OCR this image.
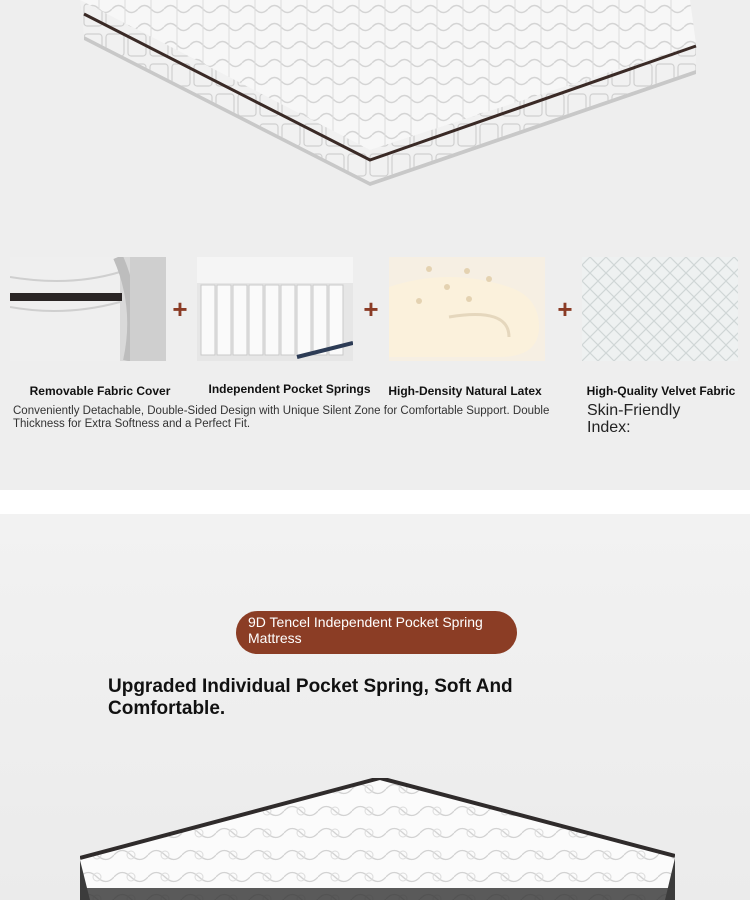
+	+	+
Removable Fabric Cover	Independent Pocket Springs	High-Density Natural Latex	High-Quality Velvet Fabric
Conveniently Detachable, Double-Sided Design with Unique Silent Zone for Comfortable Support. Double Thickness for Extra Softness and a Perfect Fit.
Skin-Friendly Index:
9D Tencel Independent Pocket Spring Mattress
Upgraded Individual Pocket Spring, Soft And Comfortable.
